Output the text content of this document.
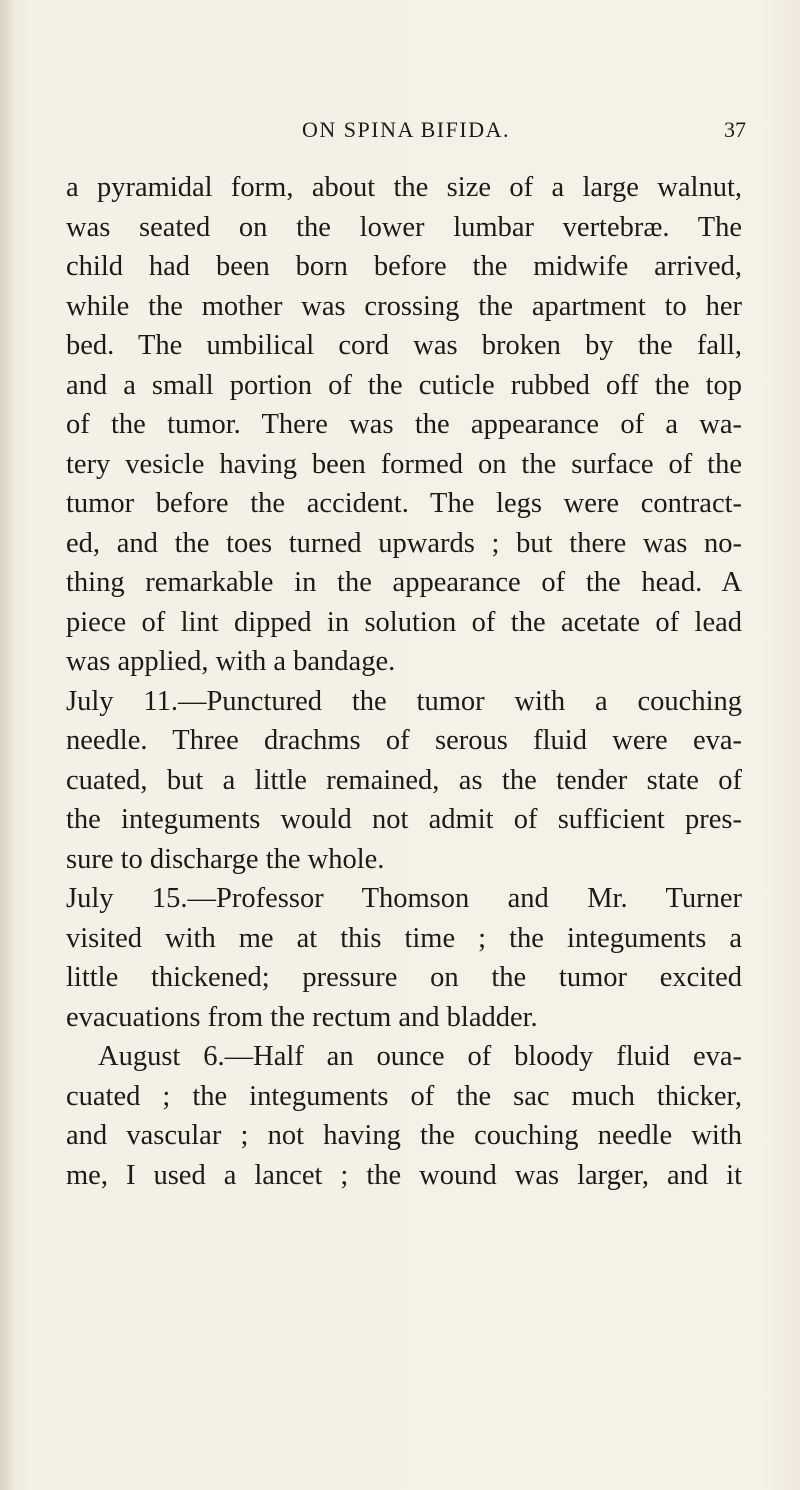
ON SPINA BIFIDA.	37
a pyramidal form, about the size of a large walnut,
was seated on the lower lumbar vertebræ. The
child had been born before the midwife arrived,
while the mother was crossing the apartment to her
bed. The umbilical cord was broken by the fall,
and a small portion of the cuticle rubbed off the top
of the tumor. There was the appearance of a wa-
tery vesicle having been formed on the surface of the
tumor before the accident. The legs were contract-
ed, and the toes turned upwards ; but there was no-
thing remarkable in the appearance of the head. A
piece of lint dipped in solution of the acetate of lead
was applied, with a bandage.
July 11.—Punctured the tumor with a couching
needle. Three drachms of serous fluid were eva-
cuated, but a little remained, as the tender state of
the integuments would not admit of sufficient pres-
sure to discharge the whole.
July 15.—Professor Thomson and Mr. Turner
visited with me at this time ; the integuments a
little thickened; pressure on the tumor excited
evacuations from the rectum and bladder.
August 6.—Half an ounce of bloody fluid eva-
cuated ; the integuments of the sac much thicker,
and vascular ; not having the couching needle with
me, I used a lancet ; the wound was larger, and it
